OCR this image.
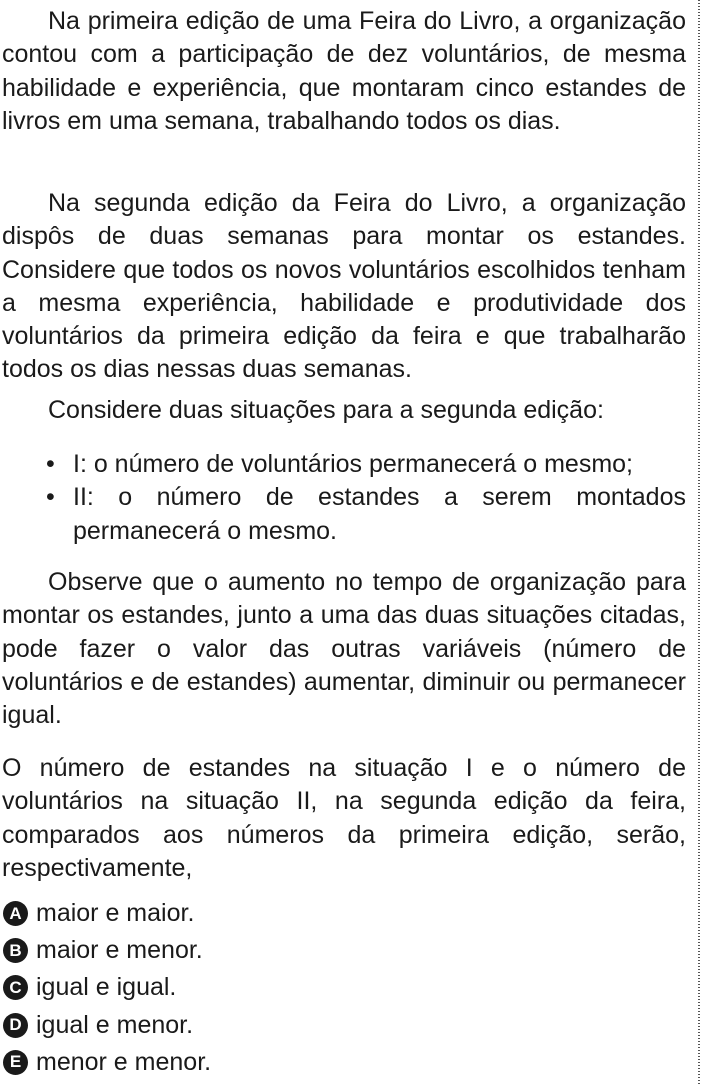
Na primeira edição de uma Feira do Livro, a organização contou com a participação de dez voluntários, de mesma habilidade e experiência, que montaram cinco estandes de livros em uma semana, trabalhando todos os dias.

Na segunda edição da Feira do Livro, a organização dispôs de duas semanas para montar os estandes. Considere que todos os novos voluntários escolhidos tenham a mesma experiência, habilidade e produtividade dos voluntários da primeira edição da feira e que trabalharão todos os dias nessas duas semanas.

Considere duas situações para a segunda edição:

• I: o número de voluntários permanecerá o mesmo;
• II: o número de estandes a serem montados permanecerá o mesmo.

Observe que o aumento no tempo de organização para montar os estandes, junto a uma das duas situações citadas, pode fazer o valor das outras variáveis (número de voluntários e de estandes) aumentar, diminuir ou permanecer igual.

O número de estandes na situação I e o número de voluntários na situação II, na segunda edição da feira, comparados aos números da primeira edição, serão, respectivamente,

A maior e maior.
B maior e menor.
C igual e igual.
D igual e menor.
E menor e menor.
